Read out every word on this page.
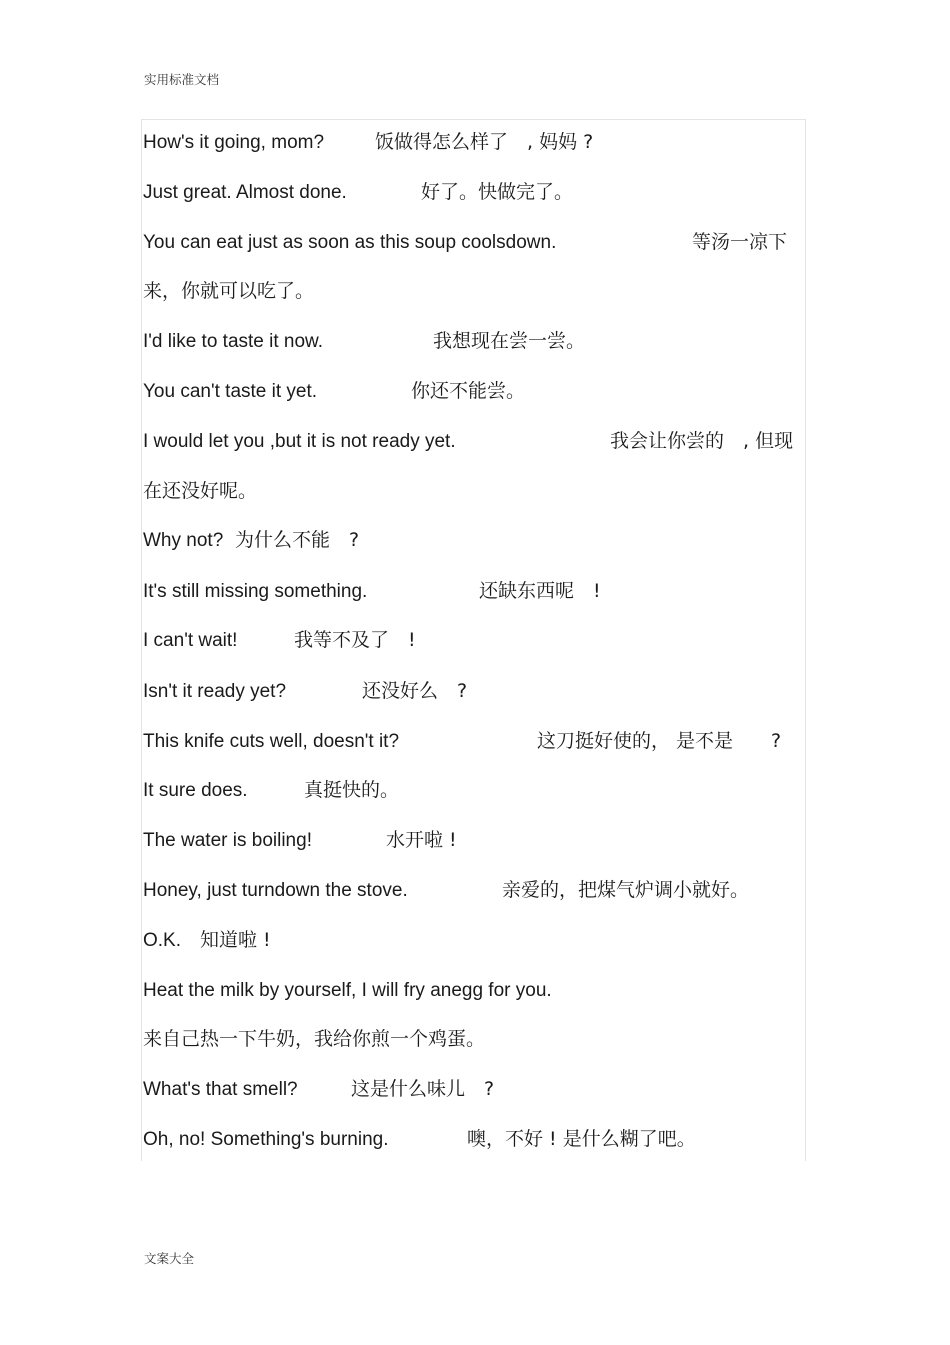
实用标准文档
How's it going, mom?	饭做得怎么样了　, 妈妈 ?
Just great. Almost done.	好了。快做完了。
You can eat just as soon as this soup coolsdown.	等汤一凉下
来，你就可以吃了。
I'd like to taste it now.	我想现在尝一尝。
You can't taste it yet.	你还不能尝。
I would let you ,but it is not ready yet.	我会让你尝的　, 但现
在还没好呢。
Why not? 为什么不能　?
It's still missing something.	还缺东西呢　!
I can't wait!	我等不及了　!
Isn't it ready yet?	还没好么　?
This knife cuts well, doesn't it?	这刀挺好使的， 是不是　　?
It sure does.	真挺快的。
The water is boiling!	水开啦 !
Honey, just turndown the stove.	亲爱的，把煤气炉调小就好。
O.K. 知道啦 !
Heat the milk by yourself, I will fry anegg for you.
来自己热一下牛奶，我给你煎一个鸡蛋。
What's that smell?	这是什么味儿　?
Oh, no! Something's burning.	噢，不好 ! 是什么糊了吧。
文案大全
